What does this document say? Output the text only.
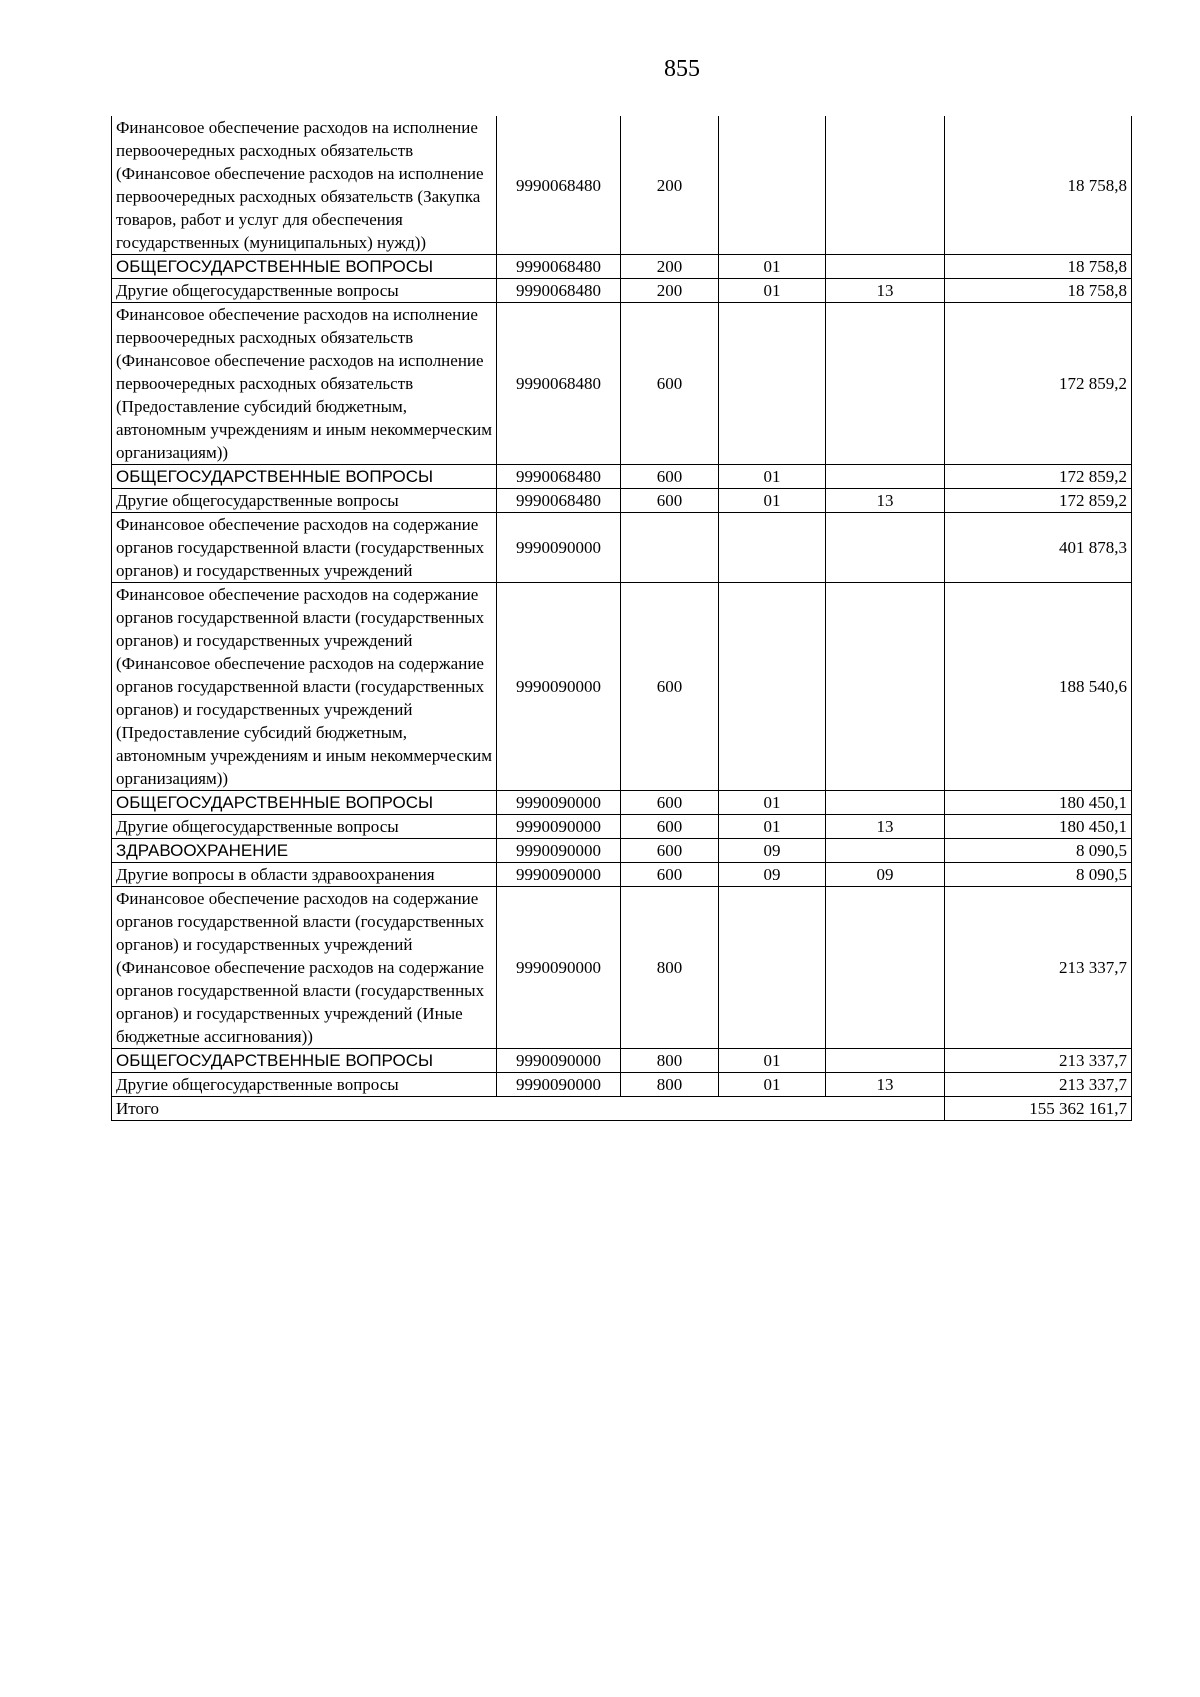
855
Финансовое обеспечение расходов на исполнение первоочередных расходных обязательств (Финансовое обеспечение расходов на исполнение первоочередных расходных обязательств (Закупка товаров, работ и услуг для обеспечения государственных (муниципальных) нужд))	9990068480	200			18 758,8
ОБЩЕГОСУДАРСТВЕННЫЕ ВОПРОСЫ	9990068480	200	01		18 758,8
Другие общегосударственные вопросы	9990068480	200	01	13	18 758,8
Финансовое обеспечение расходов на исполнение первоочередных расходных обязательств (Финансовое обеспечение расходов на исполнение первоочередных расходных обязательств (Предоставление субсидий бюджетным, автономным учреждениям и иным некоммерческим организациям))	9990068480	600			172 859,2
ОБЩЕГОСУДАРСТВЕННЫЕ ВОПРОСЫ	9990068480	600	01		172 859,2
Другие общегосударственные вопросы	9990068480	600	01	13	172 859,2
Финансовое обеспечение расходов на содержание органов государственной власти (государственных органов) и государственных учреждений	9990090000				401 878,3
Финансовое обеспечение расходов на содержание органов государственной власти (государственных органов) и государственных учреждений (Финансовое обеспечение расходов на содержание органов государственной власти (государственных органов) и государственных учреждений (Предоставление субсидий бюджетным, автономным учреждениям и иным некоммерческим организациям))	9990090000	600			188 540,6
ОБЩЕГОСУДАРСТВЕННЫЕ ВОПРОСЫ	9990090000	600	01		180 450,1
Другие общегосударственные вопросы	9990090000	600	01	13	180 450,1
ЗДРАВООХРАНЕНИЕ	9990090000	600	09		8 090,5
Другие вопросы в области здравоохранения	9990090000	600	09	09	8 090,5
Финансовое обеспечение расходов на содержание органов государственной власти (государственных органов) и государственных учреждений (Финансовое обеспечение расходов на содержание органов государственной власти (государственных органов) и государственных учреждений (Иные бюджетные ассигнования))	9990090000	800			213 337,7
ОБЩЕГОСУДАРСТВЕННЫЕ ВОПРОСЫ	9990090000	800	01		213 337,7
Другие общегосударственные вопросы	9990090000	800	01	13	213 337,7
Итого					155 362 161,7
